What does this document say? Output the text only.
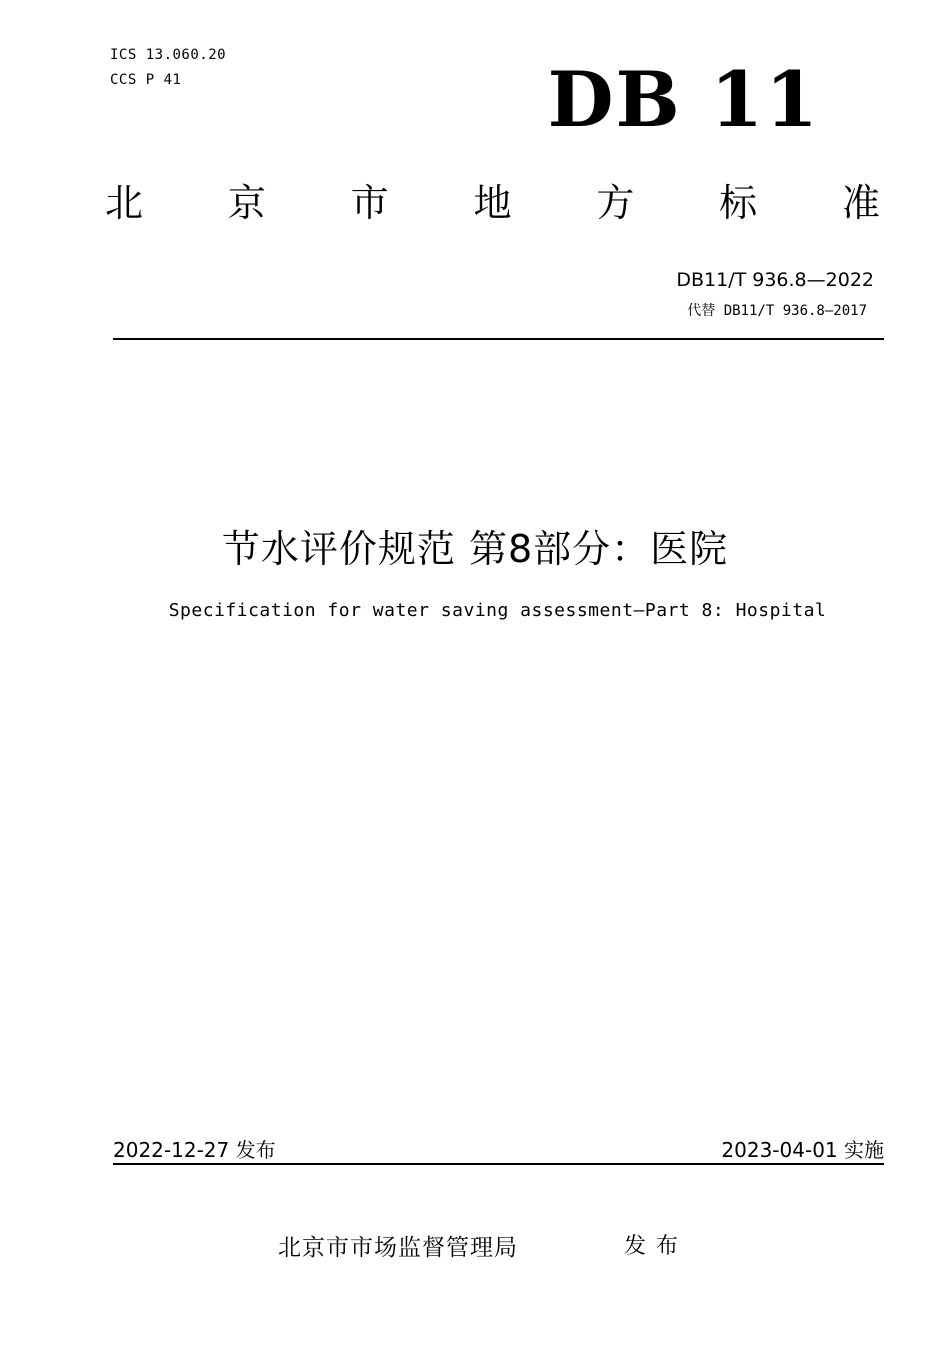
ICS 13.060.20
CCS P 41	DB 11
北 京 市 地 方 标 准
DB11/T 936.8—2022
代替 DB11/T 936.8—2017
节水评价规范 第8部分：医院
Specification for water saving assessment—Part 8: Hospital
2022-12-27 发布	2023-04-01 实施
北京市市场监督管理局	发布
